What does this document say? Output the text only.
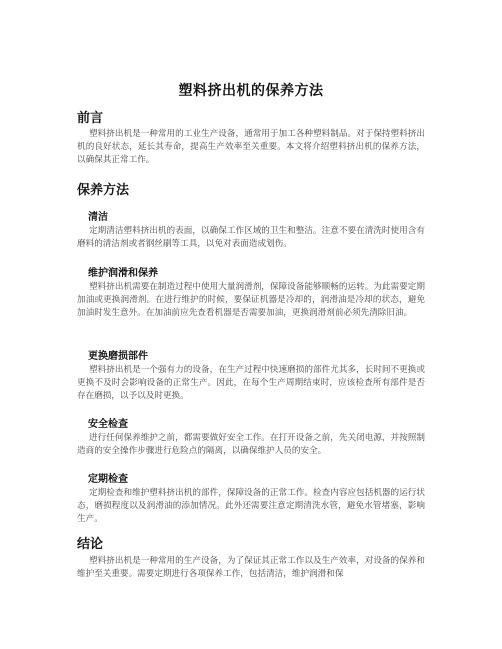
塑料挤出机的保养方法
前言

塑料挤出机是一种常用的工业生产设备，通常用于加工各种塑料制品。对于保持塑料挤出机的良好状态，延长其寿命，提高生产效率至关重要。本文将介绍塑料挤出机的保养方法，以确保其正常工作。

保养方法
清洁

定期清洁塑料挤出机的表面，以确保工作区域的卫生和整洁。注意不要在清洗时使用含有磨料的清洁剂或者钢丝刷等工具，以免对表面造成划伤。

维护润滑和保养

塑料挤出机需要在制造过程中使用大量润滑剂，保障设备能够顺畅的运转。为此需要定期加油或更换润滑剂。在进行维护的时候，要保证机器是冷却的，润滑油是冷却的状态，避免加油时发生意外。在加油前应先查看机器是否需要加油，更换润滑剂前必须先清除旧油。

更换磨损部件

塑料挤出机是一个强有力的设备，在生产过程中快速磨损的部件尤其多，长时间不更换或更换不及时会影响设备的正常生产。因此，在每个生产周期结束时，应该检查所有部件是否存在磨损，以予以及时更换。

安全检查

进行任何保养维护之前，都需要做好安全工作。在打开设备之前，先关闭电源，并按照制造商的安全操作步骤进行危险点的隔离，以确保维护人员的安全。

定期检查

定期检查和维护塑料挤出机的部件，保障设备的正常工作。检查内容应包括机器的运行状态，磨损程度以及润滑油的添加情况。此外还需要注意定期清洗水管，避免水管堵塞，影响生产。

结论

塑料挤出机是一种常用的生产设备，为了保证其正常工作以及生产效率，对设备的保养和维护至关重要。需要定期进行各项保养工作，包括清洁，维护润滑和保
